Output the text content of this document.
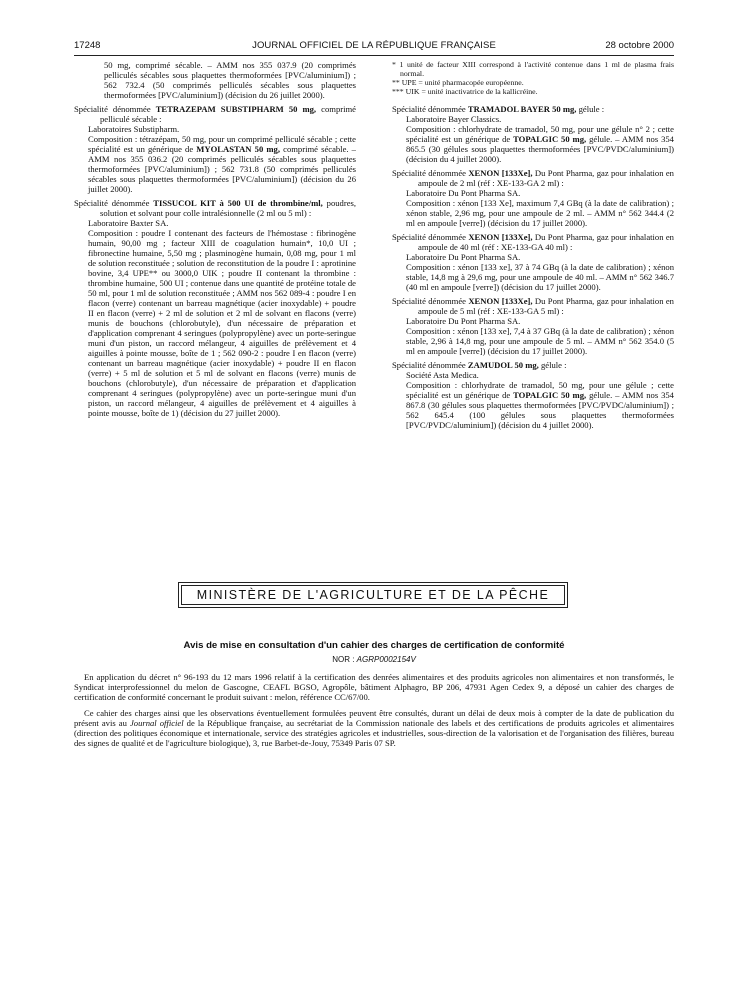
17248	JOURNAL OFFICIEL DE LA RÉPUBLIQUE FRANÇAISE	28 octobre 2000

50 mg, comprimé sécable. – AMM nos 355 037.9 (20 comprimés pelliculés sécables sous plaquettes thermoformées [PVC/aluminium]) ; 562 732.4 (50 comprimés pelliculés sécables sous plaquettes thermoformées [PVC/aluminium]) (décision du 26 juillet 2000).

Spécialité dénommée TETRAZEPAM SUBSTIPHARM 50 mg, comprimé pelliculé sécable :

Laboratoires Substipharm.

Composition : tétrazépam, 50 mg, pour un comprimé pelliculé sécable ; cette spécialité est un générique de MYOLASTAN 50 mg, comprimé sécable. – AMM nos 355 036.2 (20 comprimés pelliculés sécables sous plaquettes thermoformées [PVC/aluminium]) ; 562 731.8 (50 comprimés pelliculés sécables sous plaquettes thermoformées [PVC/aluminium]) (décision du 26 juillet 2000).

Spécialité dénommée TISSUCOL KIT à 500 UI de thrombine/ml, poudres, solution et solvant pour colle intralésionnelle (2 ml ou 5 ml) :

Laboratoire Baxter SA.

Composition : poudre I contenant des facteurs de l'hémostase : fibrinogène humain, 90,00 mg ; facteur XIII de coagulation humain*, 10,0 UI ; fibronectine humaine, 5,50 mg ; plasminogène humain, 0,08 mg, pour 1 ml de solution reconstituée ; solution de reconstitution de la poudre I : aprotinine bovine, 3,4 UPE** ou 3000,0 UIK ; poudre II contenant la thrombine : thrombine humaine, 500 UI ; contenue dans une quantité de protéine totale de 50 ml, pour 1 ml de solution reconstituée ; AMM nos 562 089-4 : poudre I en flacon (verre) contenant un barreau magnétique (acier inoxydable) + poudre II en flacon (verre) + 2 ml de solution et 2 ml de solvant en flacons (verre) munis de bouchons (chlorobutyle), d'un nécessaire de préparation et d'application comprenant 4 seringues (polypropylène) avec un porte-seringue muni d'un piston, un raccord mélangeur, 4 aiguilles de prélèvement et 4 aiguilles à pointe mousse, boîte de 1 ; 562 090-2 : poudre I en flacon (verre) contenant un barreau magnétique (acier inoxydable) + poudre II en flacon (verre) + 5 ml de solution et 5 ml de solvant en flacons (verre) munis de bouchons (chlorobutyle), d'un nécessaire de préparation et d'application comprenant 4 seringues (polypropylène) avec un porte-seringue muni d'un piston, un raccord mélangeur, 4 aiguilles de prélèvement et 4 aiguilles à pointe mousse, boîte de 1) (décision du 27 juillet 2000).

* 1 unité de facteur XIII correspond à l'activité contenue dans 1 ml de plasma frais normal.

** UPE = unité pharmacopée européenne.

*** UIK = unité inactivatrice de la kallicréine.

Spécialité dénommée TRAMADOL BAYER 50 mg, gélule :

Laboratoire Bayer Classics.

Composition : chlorhydrate de tramadol, 50 mg, pour une gélule n° 2 ; cette spécialité est un générique de TOPALGIC 50 mg, gélule. – AMM nos 354 865.5 (30 gélules sous plaquettes thermoformées [PVC/PVDC/aluminium]) (décision du 4 juillet 2000).

Spécialité dénommée XENON [133Xe], Du Pont Pharma, gaz pour inhalation en ampoule de 2 ml (réf : XE-133-GA 2 ml) :

Laboratoire Du Pont Pharma SA.

Composition : xénon [133 Xe], maximum 7,4 GBq (à la date de calibration) ; xénon stable, 2,96 mg, pour une ampoule de 2 ml. – AMM n° 562 344.4 (2 ml en ampoule [verre]) (décision du 17 juillet 2000).

Spécialité dénommée XENON [133Xe], Du Pont Pharma, gaz pour inhalation en ampoule de 40 ml (réf : XE-133-GA 40 ml) :

Laboratoire Du Pont Pharma SA.

Composition : xénon [133 xe], 37 à 74 GBq (à la date de calibration) ; xénon stable, 14,8 mg à 29,6 mg, pour une ampoule de 40 ml. – AMM n° 562 346.7 (40 ml en ampoule [verre]) (décision du 17 juillet 2000).

Spécialité dénommée XENON [133Xe], Du Pont Pharma, gaz pour inhalation en ampoule de 5 ml (réf : XE-133-GA 5 ml) :

Laboratoire Du Pont Pharma SA.

Composition : xénon [133 xe], 7,4 à 37 GBq (à la date de calibration) ; xénon stable, 2,96 à 14,8 mg, pour une ampoule de 5 ml. – AMM n° 562 354.0 (5 ml en ampoule [verre]) (décision du 17 juillet 2000).

Spécialité dénommée ZAMUDOL 50 mg, gélule :

Société Asta Medica.

Composition : chlorhydrate de tramadol, 50 mg, pour une gélule ; cette spécialité est un générique de TOPALGIC 50 mg, gélule. – AMM nos 354 867.8 (30 gélules sous plaquettes thermoformées [PVC/PVDC/aluminium]) ; 562 645.4 (100 gélules sous plaquettes thermoformées [PVC/PVDC/aluminium]) (décision du 4 juillet 2000).

MINISTÈRE DE L'AGRICULTURE ET DE LA PÊCHE
Avis de mise en consultation d'un cahier des charges de certification de conformité
NOR : AGRP0002154V

En application du décret n° 96-193 du 12 mars 1996 relatif à la certification des denrées alimentaires et des produits agricoles non alimentaires et non transformés, le Syndicat interprofessionnel du melon de Gascogne, CEAFL BGSO, Agropôle, bâtiment Alphagro, BP 206, 47931 Agen Cedex 9, a déposé un cahier des charges de certification de conformité concernant le produit suivant : melon, référence CC/67/00.

Ce cahier des charges ainsi que les observations éventuellement formulées peuvent être consultés, durant un délai de deux mois à compter de la date de publication du présent avis au Journal officiel de la République française, au secrétariat de la Commission nationale des labels et des certifications de produits agricoles et alimentaires (direction des politiques économique et internationale, service des stratégies agricoles et industrielles, sous-direction de la valorisation et de l'organisation des filières, bureau des signes de qualité et de l'agriculture biologique), 3, rue Barbet-de-Jouy, 75349 Paris 07 SP.
